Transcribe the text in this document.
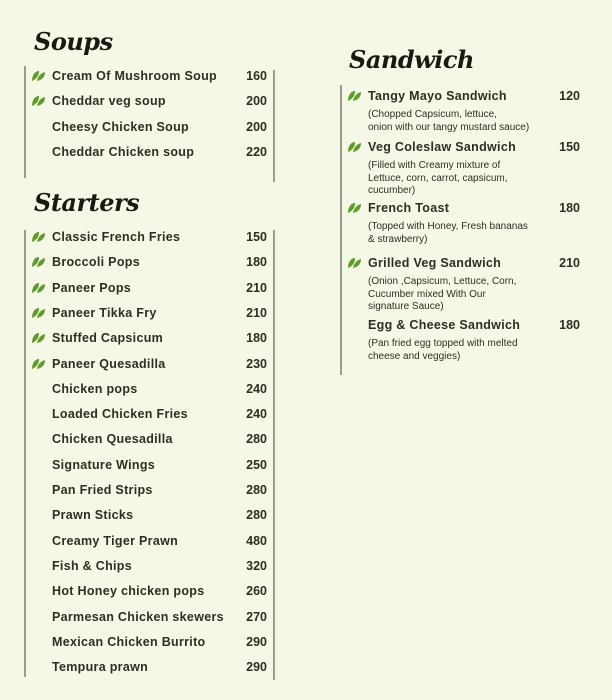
Soups
Cream Of Mushroom Soup	160
Cheddar veg soup	200
Cheesy Chicken Soup	200
Cheddar Chicken soup	220
Starters
Classic French Fries	150
Broccoli Pops	180
Paneer Pops	210
Paneer Tikka Fry	210
Stuffed Capsicum	180
Paneer Quesadilla	230
Chicken pops	240
Loaded Chicken Fries	240
Chicken Quesadilla	280
Signature Wings	250
Pan Fried Strips	280
Prawn Sticks	280
Creamy Tiger Prawn	480
Fish & Chips	320
Hot Honey chicken pops	260
Parmesan Chicken skewers	270
Mexican Chicken Burrito	290
Tempura prawn	290
Sandwich
Tangy Mayo Sandwich	120
(Chopped Capsicum, lettuce,
onion with our tangy mustard sauce)
Veg Coleslaw Sandwich	150
(Filled with Creamy mixture of
Lettuce, corn, carrot, capsicum,
cucumber)
French Toast	180
(Topped with Honey, Fresh bananas
& strawberry)
Grilled Veg Sandwich	210
(Onion ,Capsicum, Lettuce, Corn,
Cucumber mixed With Our
signature Sauce)
Egg & Cheese Sandwich	180
(Pan fried egg topped with melted
cheese and veggies)
